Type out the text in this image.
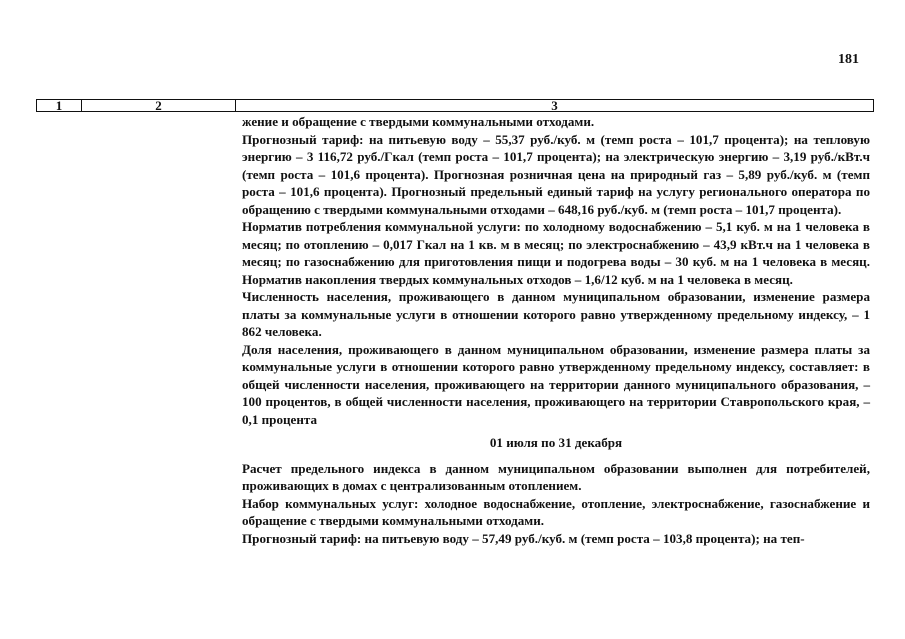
181
1	2	3

жение и обращение с твердыми коммунальными отходами.

Прогнозный тариф: на питьевую воду – 55,37 руб./куб. м (темп роста – 101,7 процента); на тепловую энергию – 3 116,72 руб./Гкал (темп роста – 101,7 процента); на электрическую энергию – 3,19 руб./кВт.ч (темп роста – 101,6 процента). Прогнозная розничная цена на природный газ – 5,89 руб./куб. м (темп роста – 101,6 процента). Прогнозный предельный единый тариф на услугу регионального оператора по обращению с твердыми коммунальными отходами – 648,16 руб./куб. м (темп роста – 101,7 процента).

Норматив потребления коммунальной услуги: по холодному водоснабжению – 5,1 куб. м на 1 человека в месяц; по отоплению – 0,017 Гкал на 1 кв. м в месяц; по электроснабжению – 43,9 кВт.ч на 1 человека в месяц; по газоснабжению для приготовления пищи и подогрева воды – 30 куб. м на 1 человека в месяц. Норматив накопления твердых коммунальных отходов – 1,6/12 куб. м на 1 человека в месяц.

Численность населения, проживающего в данном муниципальном образовании, изменение размера платы за коммунальные услуги в отношении которого равно утвержденному предельному индексу, – 1 862 человека.

Доля населения, проживающего в данном муниципальном образовании, изменение размера платы за коммунальные услуги в отношении которого равно утвержденному предельному индексу, составляет: в общей численности населения, проживающего на территории данного муниципального образования, – 100 процентов, в общей численности населения, проживающего на территории Ставропольского края, – 0,1 процента

01 июля по 31 декабря

Расчет предельного индекса в данном муниципальном образовании выполнен для потребителей, проживающих в домах с централизованным отоплением.

Набор коммунальных услуг: холодное водоснабжение, отопление, электроснабжение, газоснабжение и обращение с твердыми коммунальными отходами.

Прогнозный тариф: на питьевую воду – 57,49 руб./куб. м (темп роста – 103,8 процента); на теп-
